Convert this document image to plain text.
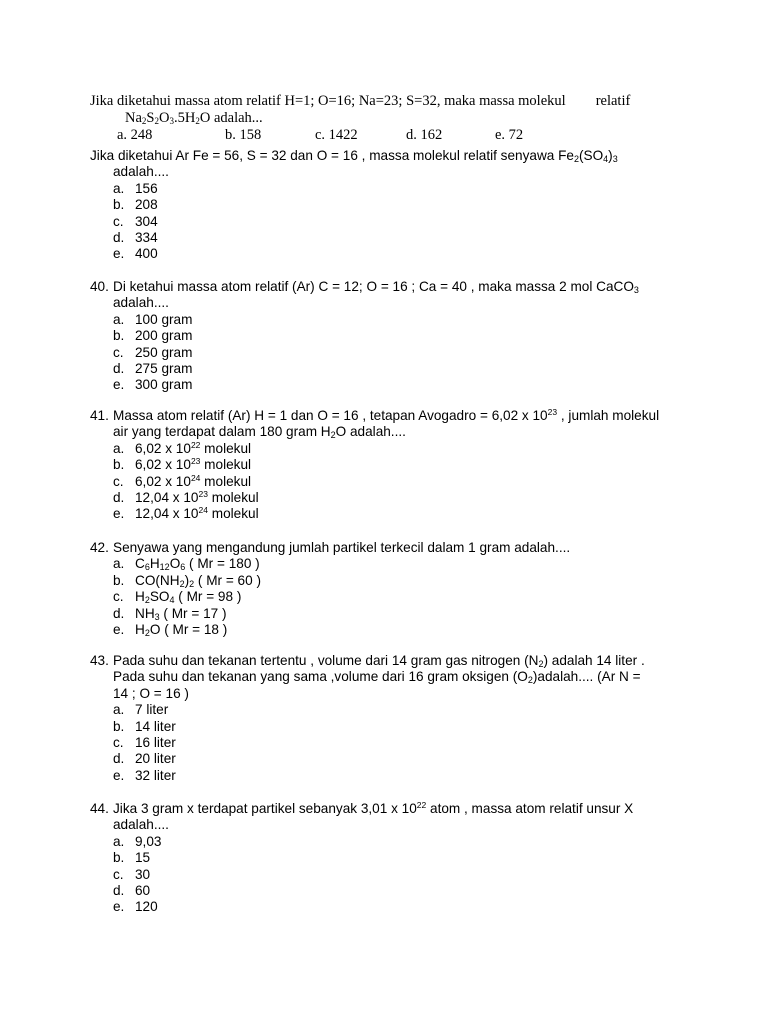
Jika diketahui massa atom relatif H=1; O=16; Na=23; S=32, maka massa molekul relatif
$Na_2S_2O_3.5H_2O$ adalah...
a. 248	b. 158	c. 1422	d. 162	e. 72
Jika diketahui Ar Fe = 56, S = 32 dan O = 16 , massa molekul relatif senyawa $Fe_2(SO_4)_3$
adalah....
a. 156
b. 208
c. 304
d. 334
e. 400
40. Di ketahui massa atom relatif (Ar) C = 12; O = 16 ; Ca = 40 , maka massa 2 mol CaCO$_3$
adalah....
a. 100 gram
b. 200 gram
c. 250 gram
d. 275 gram
e. 300 gram
41. Massa atom relatif (Ar) H = 1 dan O = 16 , tetapan Avogadro = 6,02 x $10^{23}$ , jumlah molekul
air yang terdapat dalam 180 gram $H_2O$ adalah....
a. 6,02 x $10^{22}$ molekul
b. 6,02 x $10^{23}$ molekul
c. 6,02 x $10^{24}$ molekul
d. 12,04 x $10^{23}$ molekul
e. 12,04 x $10^{24}$ molekul
42. Senyawa yang mengandung jumlah partikel terkecil dalam 1 gram adalah....
a. $C_6H_{12}O_6$ ( Mr = 180 )
b. $CO(NH_2)_2$ ( Mr = 60 )
c. $H_2SO_4$ ( Mr = 98 )
d. $NH_3$ ( Mr = 17 )
e. $H_2O$ ( Mr = 18 )
43. Pada suhu dan tekanan tertentu , volume dari 14 gram gas nitrogen $(N_2)$ adalah 14 liter .
Pada suhu dan tekanan yang sama ,volume dari 16 gram oksigen $(O_2)adalah$.... (Ar N =
14 ; O = 16 )
a. 7 liter
b. 14 liter
c. 16 liter
d. 20 liter
e. 32 liter
44. Jika 3 gram x terdapat partikel sebanyak 3,01 x $10^{22}$ atom , massa atom relatif unsur X
adalah....
a. 9,03
b. 15
c. 30
d. 60
e. 120
